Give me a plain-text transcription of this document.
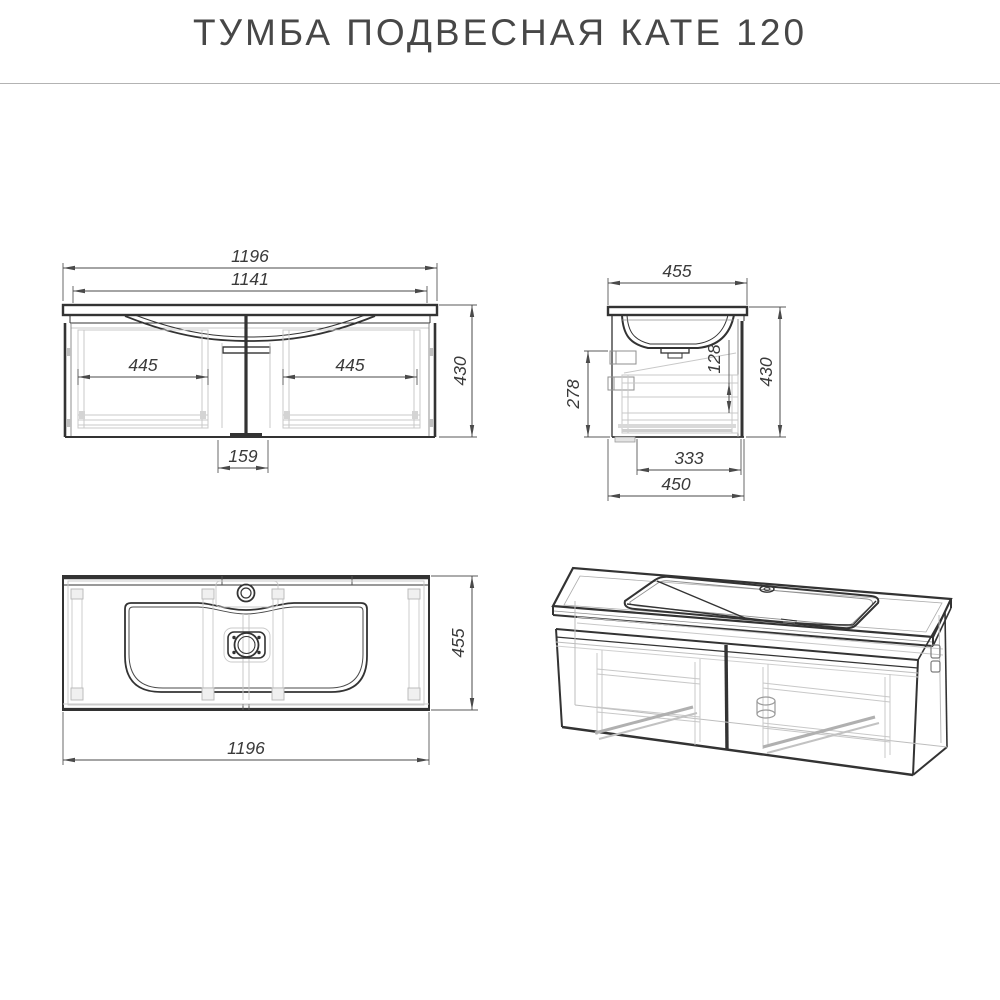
ТУМБА ПОДВЕСНАЯ КАТЕ 120
1196
1141
445	445
159
430
455
278
128 430
333
450
455
1196
